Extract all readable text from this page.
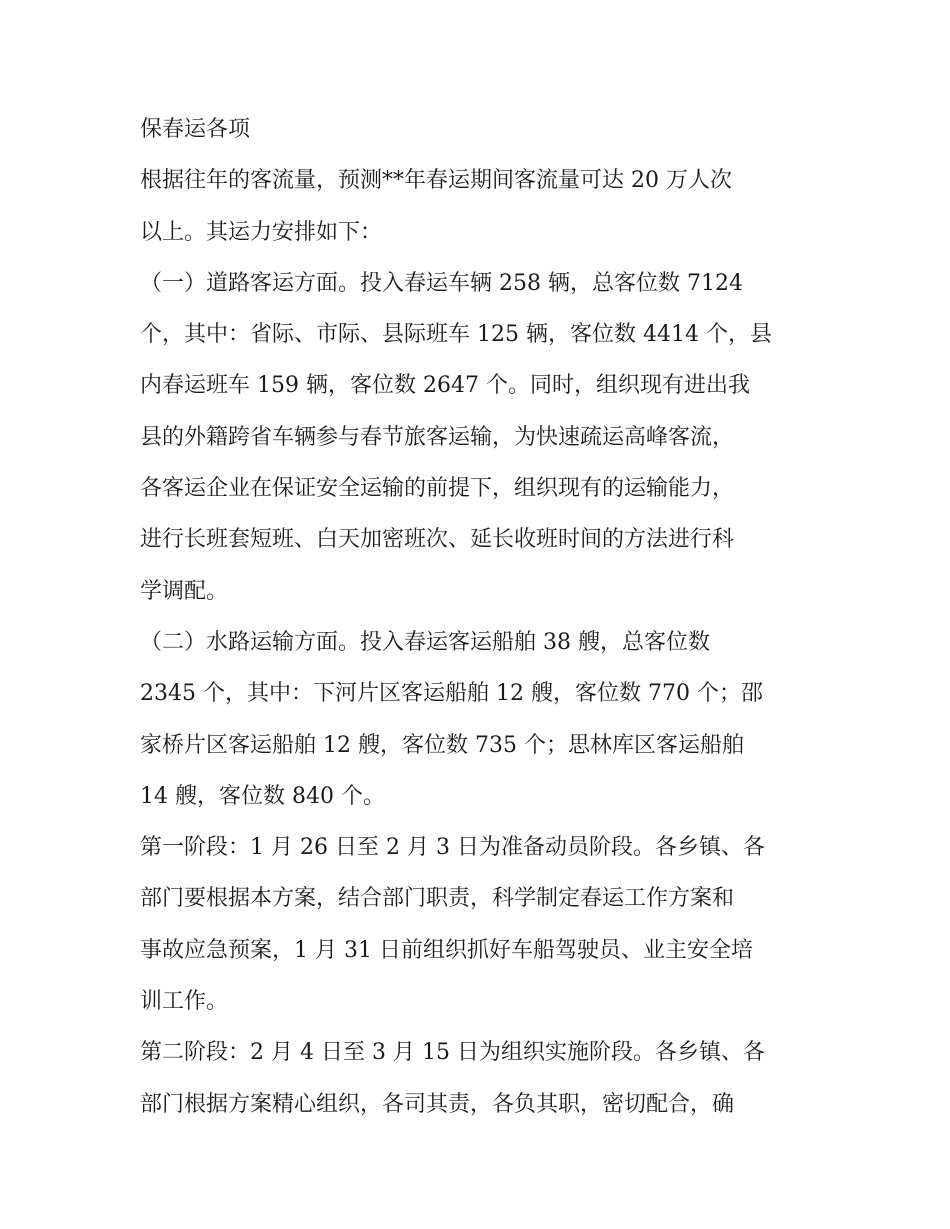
保春运各项
根据往年的客流量，预测**年春运期间客流量可达 20 万人次
以上。其运力安排如下：
（一）道路客运方面。投入春运车辆 258 辆，总客位数 7124
个，其中：省际、市际、县际班车 125 辆，客位数 4414 个，县
内春运班车 159 辆，客位数 2647 个。同时，组织现有进出我
县的外籍跨省车辆参与春节旅客运输，为快速疏运高峰客流，
各客运企业在保证安全运输的前提下，组织现有的运输能力，
进行长班套短班、白天加密班次、延长收班时间的方法进行科
学调配。
（二）水路运输方面。投入春运客运船舶 38 艘，总客位数
2345 个，其中：下河片区客运船舶 12 艘，客位数 770 个；邵
家桥片区客运船舶 12 艘，客位数 735 个；思林库区客运船舶
14 艘，客位数 840 个。
第一阶段：1 月 26 日至 2 月 3 日为准备动员阶段。各乡镇、各
部门要根据本方案，结合部门职责，科学制定春运工作方案和
事故应急预案，1 月 31 日前组织抓好车船驾驶员、业主安全培
训工作。
第二阶段：2 月 4 日至 3 月 15 日为组织实施阶段。各乡镇、各
部门根据方案精心组织，各司其责，各负其职，密切配合，确
